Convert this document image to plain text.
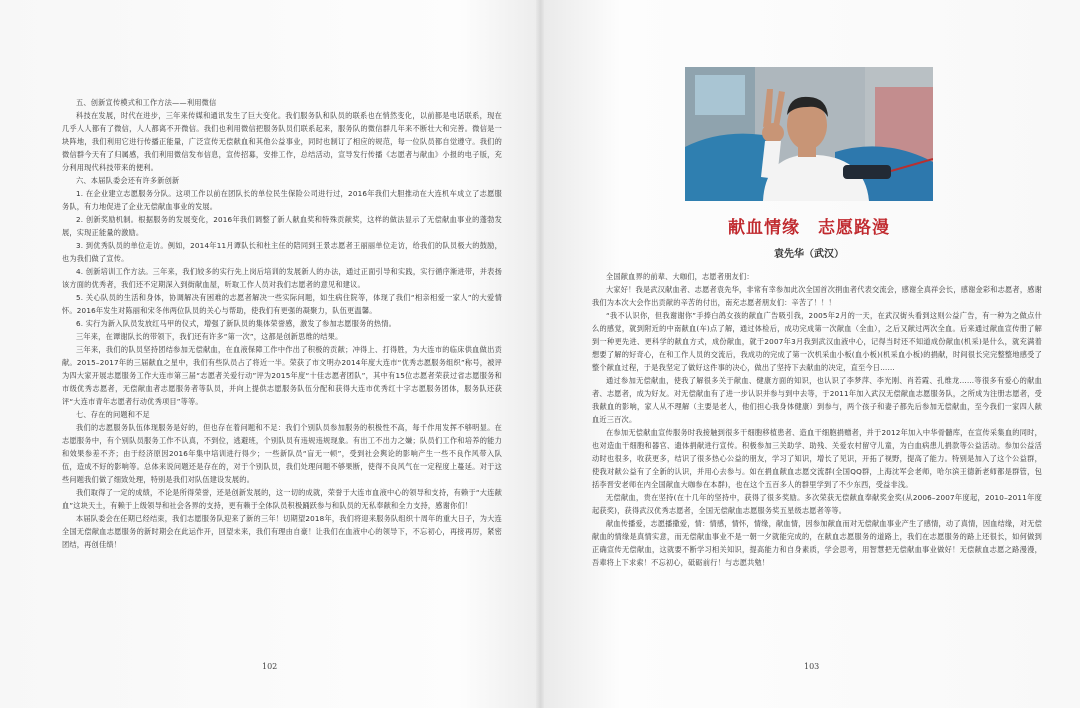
五、创新宣传模式和工作方法——利用微信

科技在发展，时代在进步，三年来传媒和通讯发生了巨大变化。我们服务队和队员的联系也在悄然变化，以前都是电话联系，现在几乎人人都有了微信，人人都离不开微信。我们也利用微信把服务队员们联系起来，服务队的微信群几年来不断壮大和完善。微信是一块阵地，我们利用它进行传播正能量，广泛宣传无偿献血和其他公益事业，同时也制订了相应的规范，每一位队员都自觉遵守。我们的微信群今天有了归属感，我们利用微信发布信息，宣传招募，安排工作，总结活动，宣导发行传播《志愿者与献血》小报的电子版，充分利用现代科技带来的便利。

六、本届队委会还有许多新创新

1. 在企业建立志愿服务分队。这项工作以前在团队长的单位民生保险公司进行过，2016年我们大胆推动在大连机车成立了志愿服务队，有力地促进了企业无偿献血事业的发展。

2. 创新奖励机制。根据服务的发展变化，2016年我们调整了新人献血奖和特殊贡献奖，这样的做法显示了无偿献血事业的蓬勃发展，实现正能量的激励。

3. 到优秀队员的单位走访。例如，2014年11月谭队长和杜主任的陪同到王景志愿者王丽丽单位走访，给我们的队员极大的鼓励，也为我们做了宣传。

4. 创新培训工作方法。三年来，我们较多的实行先上岗后培训的发展新人的办法，通过正面引导和实践，实行循序渐进带，并表扬该方面的优秀者，我们还不定期深入到街献血屋，听取工作人员对我们志愿者的意见和建议。

5. 关心队员的生活和身体，协调解决有困难的志愿者解决一些实际问题，如生病住院等，体现了我们“相亲相爱一家人”的大爱情怀。2016年发生对陈丽和宋冬伟两位队员的关心与帮助，使我们有更强的凝聚力，队伍更温馨。

6. 实行为新入队员发放红马甲的仪式，增强了新队员的集体荣誉感，激发了参加志愿服务的热情。

三年来，在谭谢队长的带领下，我们还有许多“第一次”，这都是创新思维的结果。

三年来，我们的队员坚持团结参加无偿献血，在血液保障工作中作出了积极的贡献；冲得上、打得胜，为大连市的临床供血做出贡献。2015–2017年的三届献血之星中，我们有些队员占了将近一半。荣获了市文明办2014年度大连市“优秀志愿服务组织”称号，被评为四大家开展志愿服务工作大连市第三届“志愿者关爱行动”评为2015年度“十佳志愿者团队”，其中有15位志愿者荣获过省志愿服务和市级优秀志愿者，无偿献血者志愿服务者等队员，并向上提供志愿服务队伍分配和获得大连市优秀红十字志愿服务团体，服务队还获评“大连市青年志愿者行动优秀项目”等等。

七、存在的问题和不足

我们的志愿服务队伍体现服务是好的，但也存在着问题和不足：我们个别队员参加服务的积极性不高，每千作用发挥不够明显。在志愿服务中，有个别队员服务工作不认真，不到位，逃避班，个别队员有违规违规现象。有出工不出力之嫌；队员们工作和培养的能力和效果参差不齐；由于经济原因2016年集中培训进行得少；一些新队员“盲无一顿”，受到社会舆论的影响产生一些不良作风带入队伍，造成不好的影响等。总体来说问题还是存在的，对于个别队员，我们处理问题不够果断，使得不良风气在一定程度上蔓延。对于这些问题我们做了细致处理，特别是我们对队伍建设发展的。

我们取得了一定的成绩，不论是所得荣誉，还是创新发展的，这一切的成就，荣誉于大连市血液中心的领导和支持，有赖于“大连献血”这块天土，有赖于上级领导和社会各界的支持，更有赖于全体队员积极踊跃参与和队员的无私奉献和全力支持，感谢你们！

本届队委会在任期已经结束，我们志愿服务队迎来了新的三年！切期望2018年，我们将迎来服务队组织十周年的重大日子，为大连全国无偿献血志愿服务的新时期会在此运作开，回望未来，我们有理由自豪！让我们在血液中心的领导下，不忘初心，再接再厉，紧密团结，再创佳绩！

102
献血情缘　志愿路漫
袁先华（武汉）

全国献血界的前辈、大咖们，志愿者朋友们：

大家好！我是武汉献血者、志愿者袁先华，非常有幸参加此次全国首次捐血者代表交流会，感谢全真祥会长，感谢金彩和志愿者，感谢我们为本次大会作出贡献的辛苦的付出，南充志愿者朋友们：辛苦了！！！

“我不认识你，但我谢谢你”手捧白鸽女孩的献血广告吸引我，2005年2月的一天，在武汉街头看到这则公益广告，有一种为之做点什么的感觉，就到附近的中南献血(车)点了解，通过体检后，成功完成第一次献血（全血），之后又献过两次全血。后来通过献血宣传册了解到一种更先进、更科学的献血方式，成份献血，就于2007年3月我到武汉血液中心，记得当时还不知道成份献血(机采)是什么，就充满着想要了解的好奇心，在和工作人员的交流后，我成功的完成了第一次机采血小板(血小板)(机采血小板)的捐献，时间很长完完整整地感受了整个献血过程，于是我坚定了做好这件事的决心，做出了坚持下去献血的决定，直至今日……

通过参加无偿献血，使我了解很多关于献血、健康方面的知识，也认识了李梦萍、李光刚、肖若霞、孔维龙……等很多有爱心的献血者、志愿者，成为好友。对无偿献血有了进一步认识并参与到中去等，于2011年加入武汉无偿献血志愿服务队，之所成为注册志愿者，受我献血的影响，家人从不理解（主要是老人，他们担心我身体健康）到参与，两个孩子和妻子都先后参加无偿献血，至今我们一家四人献血近三百次。

在参加无偿献血宣传服务时我接触到很多干细胞移植患者、造血干细胞捐赠者，并于2012年加入中华骨髓库，在宣传采集血的同时，也对造血干细胞和器官、遗体捐献进行宣传。积极参加三关助学、助残、关爱农村留守儿童，为白血病患儿捐款等公益活动。参加公益活动时也很多，收获更多，结识了很多热心公益的朋友，学习了知识，增长了见识，开拓了视野，提高了能力。特别是加入了这个公益群，使我对献公益有了全新的认识，并用心去参与。如在捐血献血志愿交流群(全国QQ群，上海沈军会老师，哈尔滨王德新老师都是群管，包括李晋安老师在内全国献血大咖参在本群)，也在这个五百多人的群里学到了不少东西，受益非浅。

无偿献血，贵在坚持(在十几年的坚持中，获得了很多奖励。多次荣获无偿献血奉献奖金奖(从2006–2007年度起，2010–2011年度起获奖)，获得武汉优秀志愿者，全国无偿献血志愿服务奖五星级志愿者等等。

献血传播爱，志愿播撒爱，情：情感，情怀，情缘，献血情，因参加献血而对无偿献血事业产生了感情，动了真情，因血结缘，对无偿献血的情缘是真情实意，而无偿献血事业不是一朝一夕就能完成的，在献血志愿服务的道路上，我们在志愿服务的路上还很长，如何做到正确宣传无偿献血，这就要不断学习相关知识，提高能力和自身素质，学会思考，用智慧把无偿献血事业做好！无偿献血志愿之路漫漫，吾辈将上下求索！不忘初心，砥砺前行！与志愿共勉！

103
